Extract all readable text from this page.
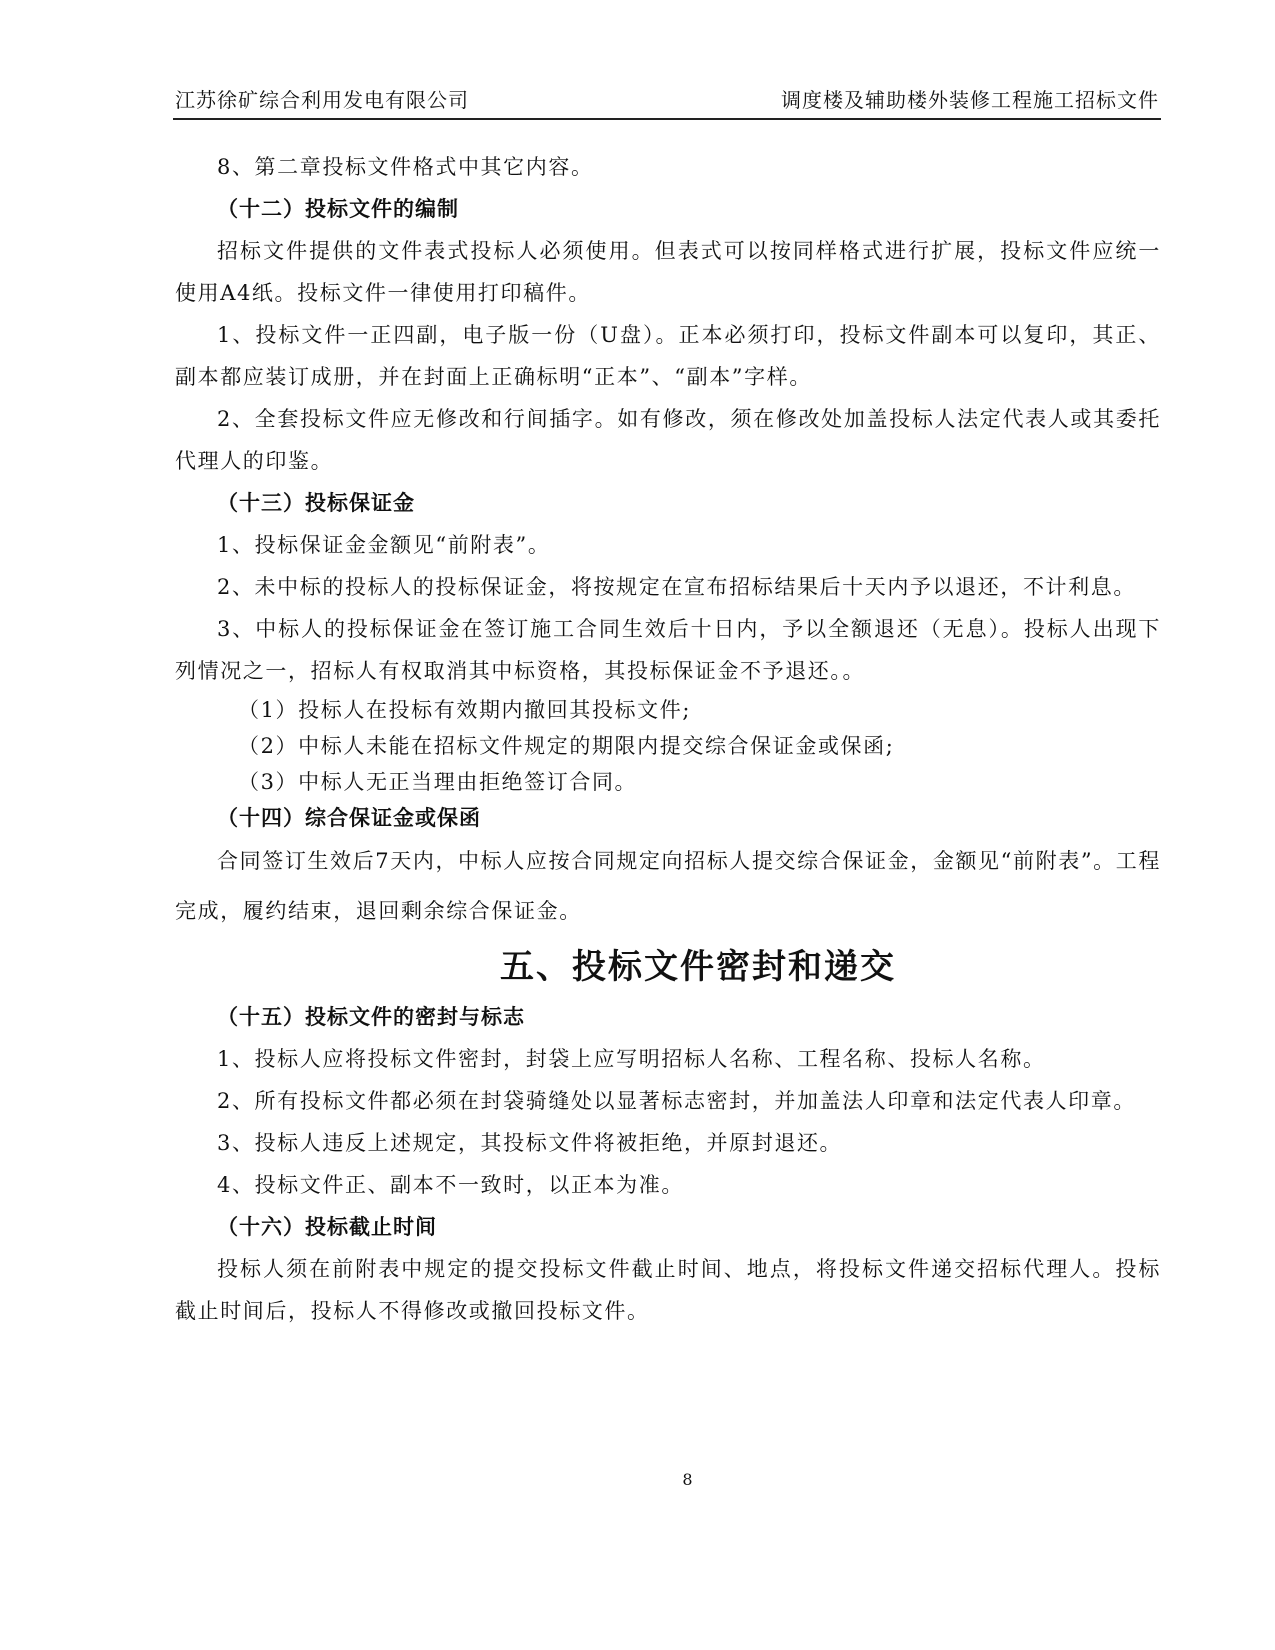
江苏徐矿综合利用发电有限公司	调度楼及辅助楼外装修工程施工招标文件

8、第二章投标文件格式中其它内容。

（十二）投标文件的编制

招标文件提供的文件表式投标人必须使用。但表式可以按同样格式进行扩展，投标文件应统一使用A4纸。投标文件一律使用打印稿件。

1、投标文件一正四副，电子版一份（U盘）。正本必须打印，投标文件副本可以复印，其正、副本都应装订成册，并在封面上正确标明“正本”、“副本”字样。

2、全套投标文件应无修改和行间插字。如有修改，须在修改处加盖投标人法定代表人或其委托代理人的印鉴。

（十三）投标保证金

1、投标保证金金额见“前附表”。

2、未中标的投标人的投标保证金，将按规定在宣布招标结果后十天内予以退还，不计利息。

3、中标人的投标保证金在签订施工合同生效后十日内，予以全额退还（无息）。投标人出现下列情况之一，招标人有权取消其中标资格，其投标保证金不予退还。。

（1）投标人在投标有效期内撤回其投标文件;

（2）中标人未能在招标文件规定的期限内提交综合保证金或保函;

（3）中标人无正当理由拒绝签订合同。

（十四）综合保证金或保函

合同签订生效后7天内，中标人应按合同规定向招标人提交综合保证金，金额见“前附表”。工程完成，履约结束，退回剩余综合保证金。

五、投标文件密封和递交

（十五）投标文件的密封与标志

1、投标人应将投标文件密封，封袋上应写明招标人名称、工程名称、投标人名称。

2、所有投标文件都必须在封袋骑缝处以显著标志密封，并加盖法人印章和法定代表人印章。

3、投标人违反上述规定，其投标文件将被拒绝，并原封退还。

4、投标文件正、副本不一致时，以正本为准。

（十六）投标截止时间

投标人须在前附表中规定的提交投标文件截止时间、地点，将投标文件递交招标代理人。投标截止时间后，投标人不得修改或撤回投标文件。

8
